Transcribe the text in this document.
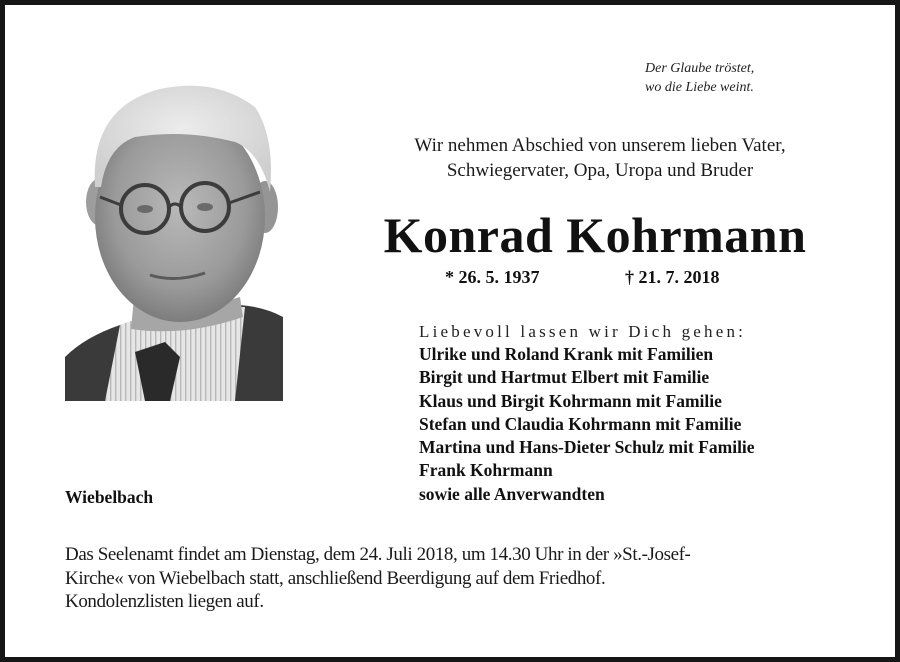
Der Glaube tröstet,
wo die Liebe weint.
Wir nehmen Abschied von unserem lieben Vater,
Schwiegervater, Opa, Uropa und Bruder
Konrad Kohrmann
* 26. 5. 1937	† 21. 7. 2018
Liebevoll lassen wir Dich gehen:
Ulrike und Roland Krank mit Familien
Birgit und Hartmut Elbert mit Familie
Klaus und Birgit Kohrmann mit Familie
Stefan und Claudia Kohrmann mit Familie
Martina und Hans-Dieter Schulz mit Familie
Frank Kohrmann
sowie alle Anverwandten
Wiebelbach

Das Seelenamt findet am Dienstag, dem 24. Juli 2018, um 14.30 Uhr in der »St.-Josef-

Kirche« von Wiebelbach statt, anschließend Beerdigung auf dem Friedhof.

Kondolenzlisten liegen auf.
